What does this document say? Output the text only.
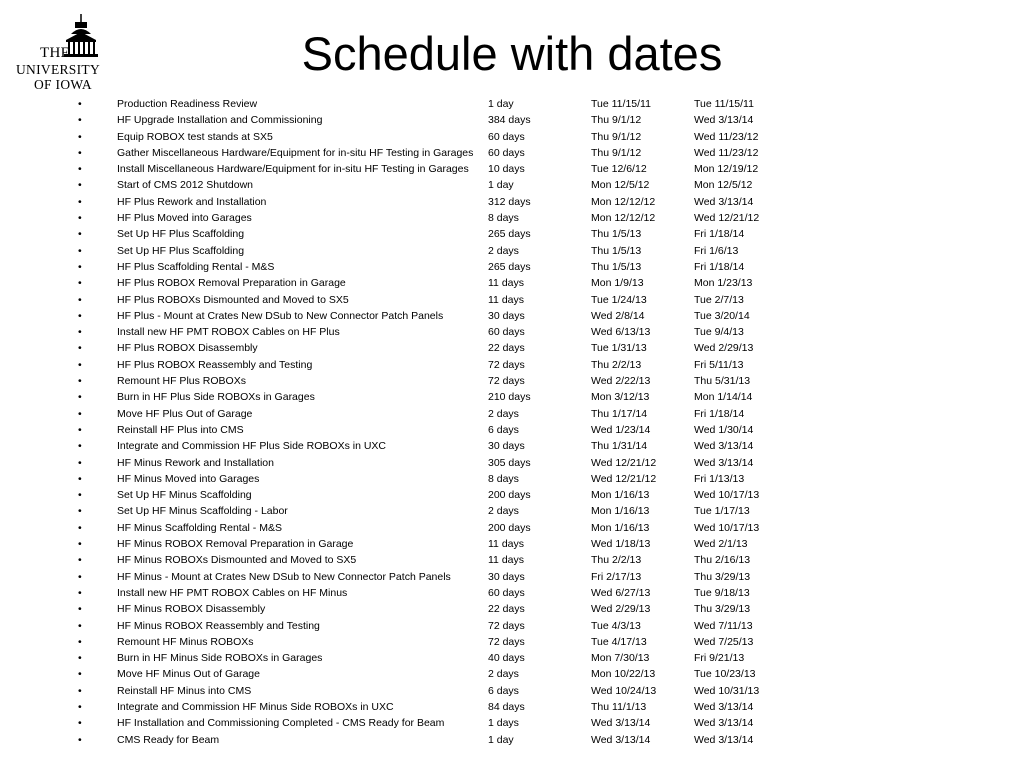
THE
UNIVERSITY
OF IOWA
Schedule with dates
•	Production Readiness Review	1 day	Tue 11/15/11	Tue 11/15/11
•	HF Upgrade Installation and Commissioning	384 days	Thu 9/1/12	Wed 3/13/14
•	Equip ROBOX test stands at SX5	60 days	Thu 9/1/12	Wed 11/23/12
•	Gather Miscellaneous Hardware/Equipment for in-situ HF Testing in Garages 60 days	Thu 9/1/12	Wed 11/23/12
•	Install Miscellaneous Hardware/Equipment for in-situ HF Testing in Garages 10 days	Tue 12/6/12	Mon 12/19/12
•	Start of CMS 2012 Shutdown	1 day	Mon 12/5/12	Mon 12/5/12
•	HF Plus Rework and Installation	312 days	Mon 12/12/12	Wed 3/13/14
•	HF Plus Moved into Garages	8 days	Mon 12/12/12	Wed 12/21/12
•	Set Up HF Plus Scaffolding	265 days	Thu 1/5/13	Fri 1/18/14
•	Set Up HF Plus Scaffolding	2 days	Thu 1/5/13	Fri 1/6/13
•	HF Plus Scaffolding Rental - M&S	265 days	Thu 1/5/13	Fri 1/18/14
•	HF Plus ROBOX Removal Preparation in Garage	11 days	Mon 1/9/13	Mon 1/23/13
•	HF Plus ROBOXs Dismounted and Moved to SX5	11 days	Tue 1/24/13	Tue 2/7/13
•	HF Plus - Mount at Crates New DSub to New Connector Patch Panels	30 days	Wed 2/8/14	Tue 3/20/14
•	Install new HF PMT ROBOX Cables on HF Plus	60 days	Wed 6/13/13	Tue 9/4/13
•	HF Plus ROBOX Disassembly	22 days	Tue 1/31/13	Wed 2/29/13
•	HF Plus ROBOX Reassembly and Testing	72 days	Thu 2/2/13	Fri 5/11/13
•	Remount HF Plus ROBOXs	72 days	Wed 2/22/13	Thu 5/31/13
•	Burn in HF Plus Side ROBOXs in Garages	210 days	Mon 3/12/13	Mon 1/14/14
•	Move HF Plus Out of Garage	2 days	Thu 1/17/14	Fri 1/18/14
•	Reinstall HF Plus into CMS	6 days	Wed 1/23/14	Wed 1/30/14
•	Integrate and Commission HF Plus Side ROBOXs in UXC	30 days	Thu 1/31/14	Wed 3/13/14
•	HF Minus Rework and Installation	305 days	Wed 12/21/12	Wed 3/13/14
•	HF Minus Moved into Garages	8 days	Wed 12/21/12	Fri 1/13/13
•	Set Up HF Minus Scaffolding	200 days	Mon 1/16/13	Wed 10/17/13
•	Set Up HF Minus Scaffolding - Labor	2 days	Mon 1/16/13	Tue 1/17/13
•	HF Minus Scaffolding Rental - M&S	200 days	Mon 1/16/13	Wed 10/17/13
•	HF Minus ROBOX Removal Preparation in Garage	11 days	Wed 1/18/13	Wed 2/1/13
•	HF Minus ROBOXs Dismounted and Moved to SX5	11 days	Thu 2/2/13	Thu 2/16/13
•	HF Minus - Mount at Crates New DSub to New Connector Patch Panels	30 days	Fri 2/17/13	Thu 3/29/13
•	Install new HF PMT ROBOX Cables on HF Minus	60 days	Wed 6/27/13	Tue 9/18/13
•	HF Minus ROBOX Disassembly	22 days	Wed 2/29/13	Thu 3/29/13
•	HF Minus ROBOX Reassembly and Testing	72 days	Tue 4/3/13	Wed 7/11/13
•	Remount HF Minus ROBOXs	72 days	Tue 4/17/13	Wed 7/25/13
•	Burn in HF Minus Side ROBOXs in Garages	40 days	Mon 7/30/13	Fri 9/21/13
•	Move HF Minus Out of Garage	2 days	Mon 10/22/13	Tue 10/23/13
•	Reinstall HF Minus into CMS	6 days	Wed 10/24/13	Wed 10/31/13
•	Integrate and Commission HF Minus Side ROBOXs in UXC	84 days	Thu 11/1/13	Wed 3/13/14
•	HF Installation and Commissioning Completed - CMS Ready for Beam	1 days	Wed 3/13/14	Wed 3/13/14
•	CMS Ready for Beam	1 day	Wed 3/13/14	Wed 3/13/14
